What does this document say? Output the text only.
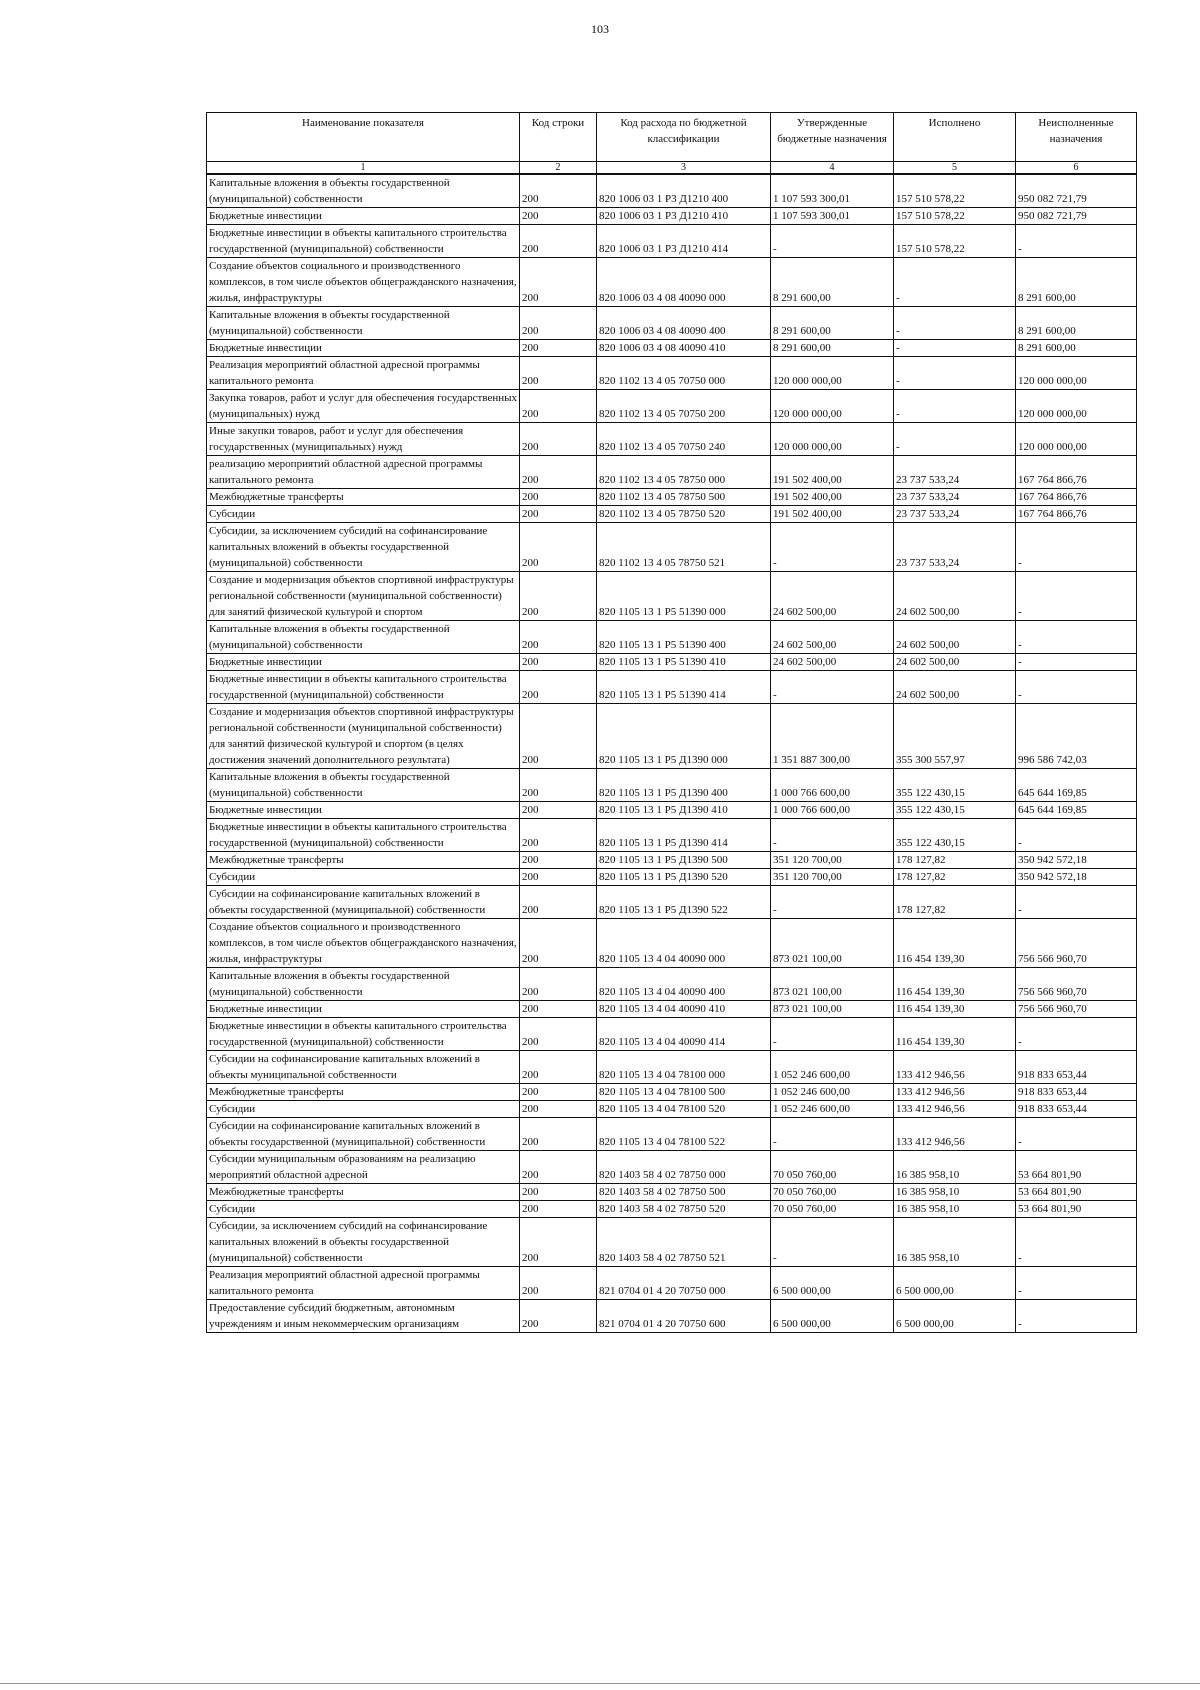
103
Наименование показателя	Код строки	Код расхода по бюджетной классификации	Утвержденные бюджетные назначения	Исполнено	Неисполненные назначения
1	2	3	4	5	6
Капитальные вложения в объекты государственной (муниципальной) собственности	200	820 1006 03 1 Р3 Д1210 400	1 107 593 300,01	157 510 578,22	950 082 721,79
Бюджетные инвестиции	200	820 1006 03 1 Р3 Д1210 410	1 107 593 300,01	157 510 578,22	950 082 721,79
Бюджетные инвестиции в объекты капитального строительства государственной (муниципальной) собственности	200	820 1006 03 1 Р3 Д1210 414	-	157 510 578,22	-
Создание объектов социального и производственного комплексов, в том числе объектов общегражданского назначения, жилья, инфраструктуры	200	820 1006 03 4 08 40090 000	8 291 600,00	-	8 291 600,00
Капитальные вложения в объекты государственной (муниципальной) собственности	200	820 1006 03 4 08 40090 400	8 291 600,00	-	8 291 600,00
Бюджетные инвестиции	200	820 1006 03 4 08 40090 410	8 291 600,00	-	8 291 600,00
Реализация мероприятий областной адресной программы капитального ремонта	200	820 1102 13 4 05 70750 000	120 000 000,00	-	120 000 000,00
Закупка товаров, работ и услуг для обеспечения государственных (муниципальных) нужд	200	820 1102 13 4 05 70750 200	120 000 000,00	-	120 000 000,00
Иные закупки товаров, работ и услуг для обеспечения государственных (муниципальных) нужд	200	820 1102 13 4 05 70750 240	120 000 000,00	-	120 000 000,00
реализацию мероприятий областной адресной программы капитального ремонта	200	820 1102 13 4 05 78750 000	191 502 400,00	23 737 533,24	167 764 866,76
Межбюджетные трансферты	200	820 1102 13 4 05 78750 500	191 502 400,00	23 737 533,24	167 764 866,76
Субсидии	200	820 1102 13 4 05 78750 520	191 502 400,00	23 737 533,24	167 764 866,76
Субсидии, за исключением субсидий на софинансирование капитальных вложений в объекты государственной (муниципальной) собственности	200	820 1102 13 4 05 78750 521	-	23 737 533,24	-
Создание и модернизация объектов спортивной инфраструктуры региональной собственности (муниципальной собственности) для занятий физической культурой и спортом	200	820 1105 13 1 Р5 51390 000	24 602 500,00	24 602 500,00	-
Капитальные вложения в объекты государственной (муниципальной) собственности	200	820 1105 13 1 Р5 51390 400	24 602 500,00	24 602 500,00	-
Бюджетные инвестиции	200	820 1105 13 1 Р5 51390 410	24 602 500,00	24 602 500,00	-
Бюджетные инвестиции в объекты капитального строительства государственной (муниципальной) собственности	200	820 1105 13 1 Р5 51390 414	-	24 602 500,00	-
Создание и модернизация объектов спортивной инфраструктуры региональной собственности (муниципальной собственности) для занятий физической культурой и спортом (в целях достижения значений дополнительного результата)	200	820 1105 13 1 Р5 Д1390 000	1 351 887 300,00	355 300 557,97	996 586 742,03
Капитальные вложения в объекты государственной (муниципальной) собственности	200	820 1105 13 1 Р5 Д1390 400	1 000 766 600,00	355 122 430,15	645 644 169,85
Бюджетные инвестиции	200	820 1105 13 1 Р5 Д1390 410	1 000 766 600,00	355 122 430,15	645 644 169,85
Бюджетные инвестиции в объекты капитального строительства государственной (муниципальной) собственности	200	820 1105 13 1 Р5 Д1390 414	-	355 122 430,15	-
Межбюджетные трансферты	200	820 1105 13 1 Р5 Д1390 500	351 120 700,00	178 127,82	350 942 572,18
Субсидии	200	820 1105 13 1 Р5 Д1390 520	351 120 700,00	178 127,82	350 942 572,18
Субсидии на софинансирование капитальных вложений в объекты государственной (муниципальной) собственности	200	820 1105 13 1 Р5 Д1390 522	-	178 127,82	-
Создание объектов социального и производственного комплексов, в том числе объектов общегражданского назначения, жилья, инфраструктуры	200	820 1105 13 4 04 40090 000	873 021 100,00	116 454 139,30	756 566 960,70
Капитальные вложения в объекты государственной (муниципальной) собственности	200	820 1105 13 4 04 40090 400	873 021 100,00	116 454 139,30	756 566 960,70
Бюджетные инвестиции	200	820 1105 13 4 04 40090 410	873 021 100,00	116 454 139,30	756 566 960,70
Бюджетные инвестиции в объекты капитального строительства государственной (муниципальной) собственности	200	820 1105 13 4 04 40090 414	-	116 454 139,30	-
Субсидии на софинансирование капитальных вложений в объекты муниципальной собственности	200	820 1105 13 4 04 78100 000	1 052 246 600,00	133 412 946,56	918 833 653,44
Межбюджетные трансферты	200	820 1105 13 4 04 78100 500	1 052 246 600,00	133 412 946,56	918 833 653,44
Субсидии	200	820 1105 13 4 04 78100 520	1 052 246 600,00	133 412 946,56	918 833 653,44
Субсидии на софинансирование капитальных вложений в объекты государственной (муниципальной) собственности	200	820 1105 13 4 04 78100 522	-	133 412 946,56	-
Субсидии муниципальным образованиям на реализацию мероприятий областной адресной	200	820 1403 58 4 02 78750 000	70 050 760,00	16 385 958,10	53 664 801,90
Межбюджетные трансферты	200	820 1403 58 4 02 78750 500	70 050 760,00	16 385 958,10	53 664 801,90
Субсидии	200	820 1403 58 4 02 78750 520	70 050 760,00	16 385 958,10	53 664 801,90
Субсидии, за исключением субсидий на софинансирование капитальных вложений в объекты государственной (муниципальной) собственности	200	820 1403 58 4 02 78750 521	-	16 385 958,10	-
Реализация мероприятий областной адресной программы капитального ремонта	200	821 0704 01 4 20 70750 000	6 500 000,00	6 500 000,00	-
Предоставление субсидий бюджетным, автономным учреждениям и иным некоммерческим организациям	200	821 0704 01 4 20 70750 600	6 500 000,00	6 500 000,00	-
